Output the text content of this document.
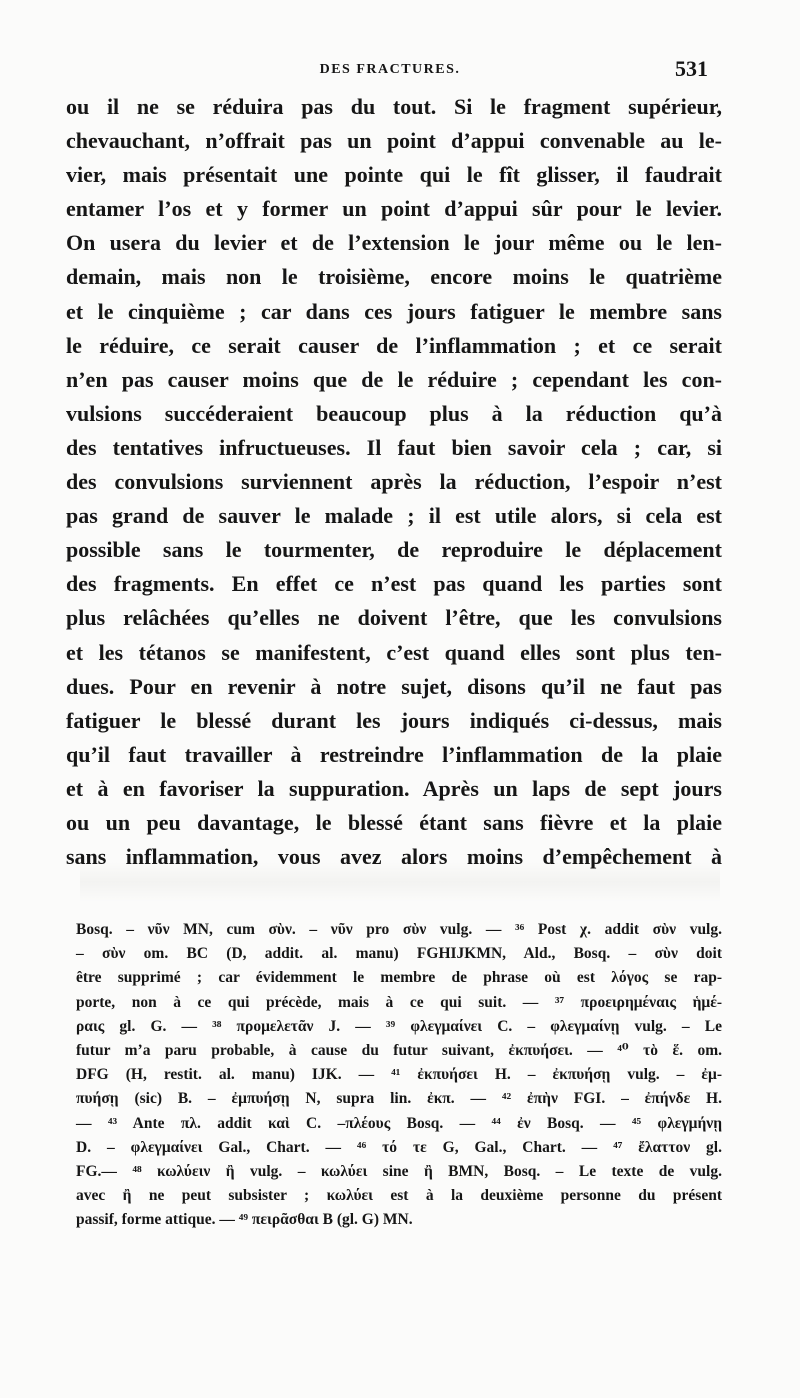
DES FRACTURES.	531
ou il ne se réduira pas du tout. Si le fragment supérieur,
chevauchant, n’offrait pas un point d’appui convenable au le-
vier, mais présentait une pointe qui le fît glisser, il faudrait
entamer l’os et y former un point d’appui sûr pour le levier.
On usera du levier et de l’extension le jour même ou le len-
demain, mais non le troisième, encore moins le quatrième
et le cinquième ; car dans ces jours fatiguer le membre sans
le réduire, ce serait causer de l’inflammation ; et ce serait
n’en pas causer moins que de le réduire ; cependant les con-
vulsions succéderaient beaucoup plus à la réduction qu’à
des tentatives infructueuses. Il faut bien savoir cela ; car, si
des convulsions surviennent après la réduction, l’espoir n’est
pas grand de sauver le malade ; il est utile alors, si cela est
possible sans le tourmenter, de reproduire le déplacement
des fragments. En effet ce n’est pas quand les parties sont
plus relâchées qu’elles ne doivent l’être, que les convulsions
et les tétanos se manifestent, c’est quand elles sont plus ten-
dues. Pour en revenir à notre sujet, disons qu’il ne faut pas
fatiguer le blessé durant les jours indiqués ci-dessus, mais
qu’il faut travailler à restreindre l’inflammation de la plaie
et à en favoriser la suppuration. Après un laps de sept jours
ou un peu davantage, le blessé étant sans fièvre et la plaie
sans inflammation, vous avez alors moins d’empêchement à
Bosq. – νῦν MN, cum σὺν. – νῦν pro σὺν vulg. — ³⁶ Post χ. addit σὺν vulg.
– σὺν om. BC (D, addit. al. manu) FGHIJKMN, Ald., Bosq. – σὺν doit
être supprimé ; car évidemment le membre de phrase où est λόγος se rap-
porte, non à ce qui précède, mais à ce qui suit. — ³⁷ προειρημέναις ἡμέ-
ραις gl. G. — ³⁸ προμελετᾶν J. — ³⁹ φλεγμαίνει C. – φλεγμαίνῃ vulg. – Le
futur m’a paru probable, à cause du futur suivant, ἐκπυήσει. — ⁴⁰ τὸ ἕ. om.
DFG (H, restit. al. manu) IJK. — ⁴¹ ἐκπυήσει H. – ἐκπυήσῃ vulg. – ἐμ-
πυήσῃ (sic) B. – ἐμπυήσῃ N, supra lin. ἐκπ. — ⁴² ἐπὴν FGI. – ἐπήνδε H.
— ⁴³ Ante πλ. addit καὶ C. –πλέους Bosq. — ⁴⁴ ἐν Bosq. — ⁴⁵ φλεγμήνῃ
D. – φλεγμαίνει Gal., Chart. — ⁴⁶ τό τε G, Gal., Chart. — ⁴⁷ ἔλαττον gl.
FG.— ⁴⁸ κωλύειν ἢ vulg. – κωλύει sine ἢ BMN, Bosq. – Le texte de vulg.
avec ἢ ne peut subsister ; κωλύει est à la deuxième personne du présent
passif, forme attique. — ⁴⁹ πειρᾶσθαι B (gl. G) MN.
